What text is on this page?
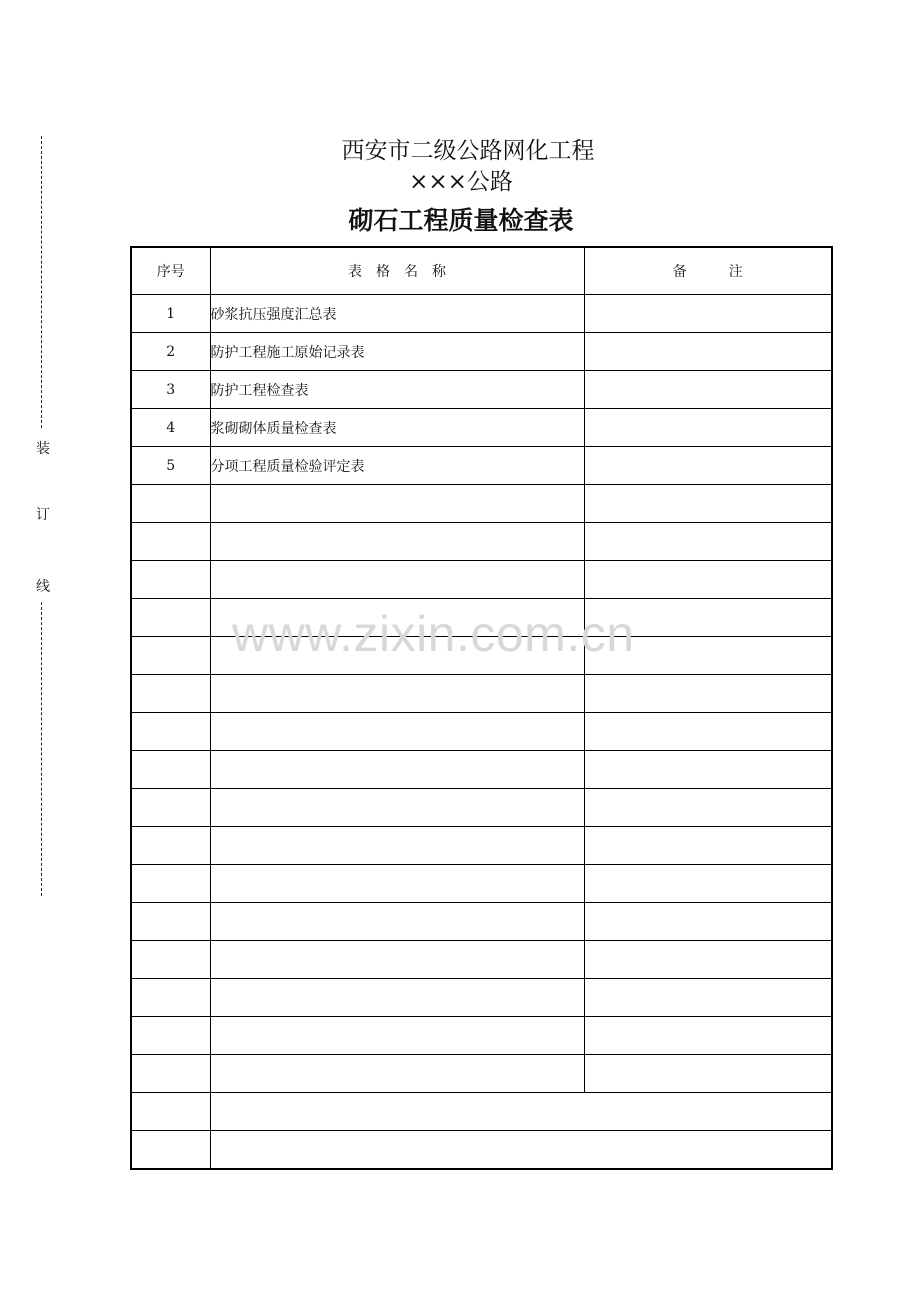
装
订
线
西安市二级公路网化工程
×××公路
砌石工程质量检查表
www.zixin.com.cn
序号	表　格　名　称	备　　　注
1	砂浆抗压强度汇总表	
2	防护工程施工原始记录表	
3	防护工程检查表	
4	浆砌砌体质量检查表	
5	分项工程质量检验评定表	
